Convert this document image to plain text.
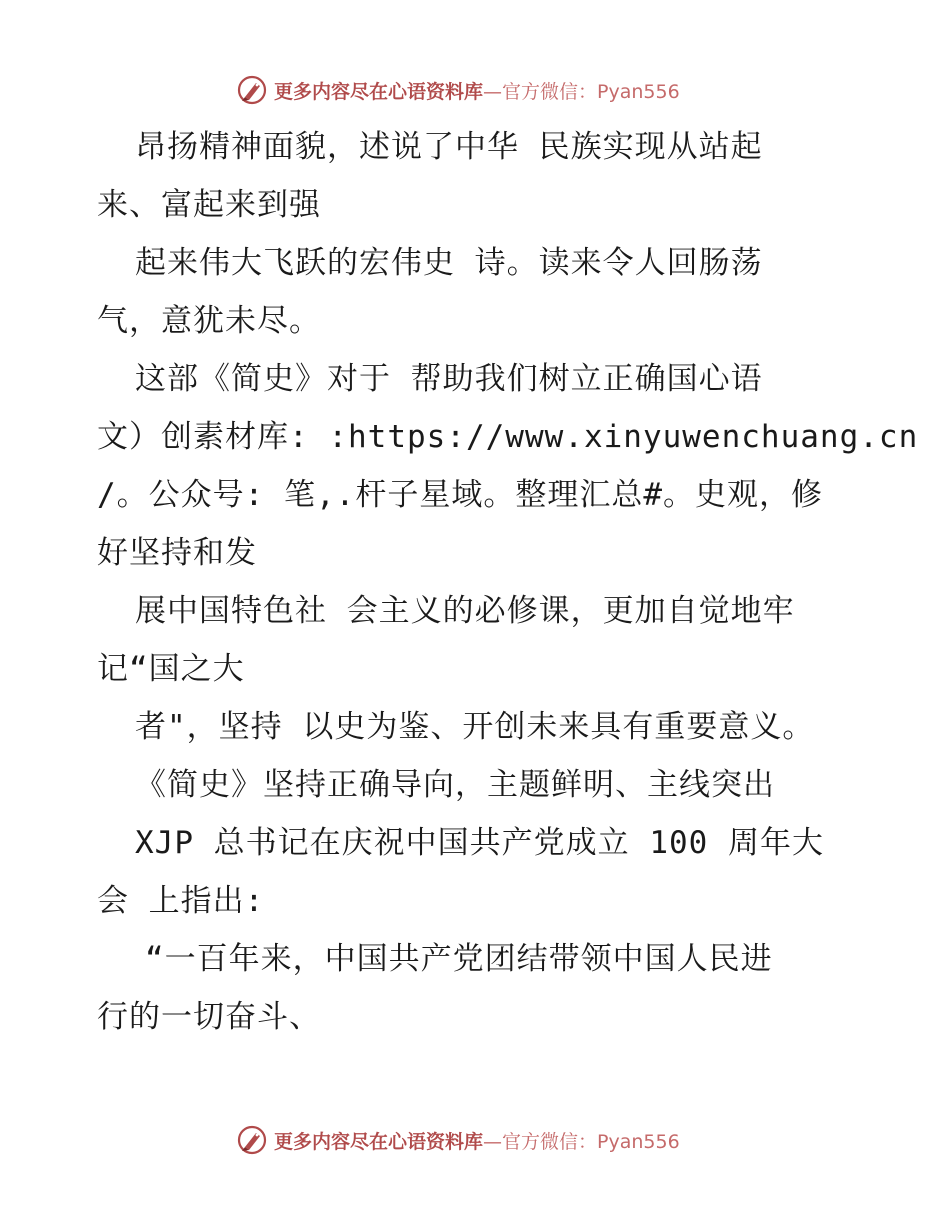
更多内容尽在心语资料库 —官方微信：Pyan556
昂扬精神面貌，述说了中华 民族实现从站起
来、富起来到强
起来伟大飞跃的宏伟史 诗。读来令人回肠荡
气，意犹未尽。
这部《简史》对于 帮助我们树立正确国心语
文）创素材库: :https://www.xinyuwenchuang.cn
/。公众号: 笔,.杆子星域。整理汇总#。史观，修
好坚持和发
展中国特色社 会主义的必修课，更加自觉地牢
记“国之大
者"，坚持 以史为鉴、开创未来具有重要意义。
《简史》坚持正确导向，主题鲜明、主线突出
XJP 总书记在庆祝中国共产党成立 100 周年大
会 上指出:
“一百年来，中国共产党团结带领中国人民进
行的一切奋斗、
更多内容尽在心语资料库 —官方微信：Pyan556
